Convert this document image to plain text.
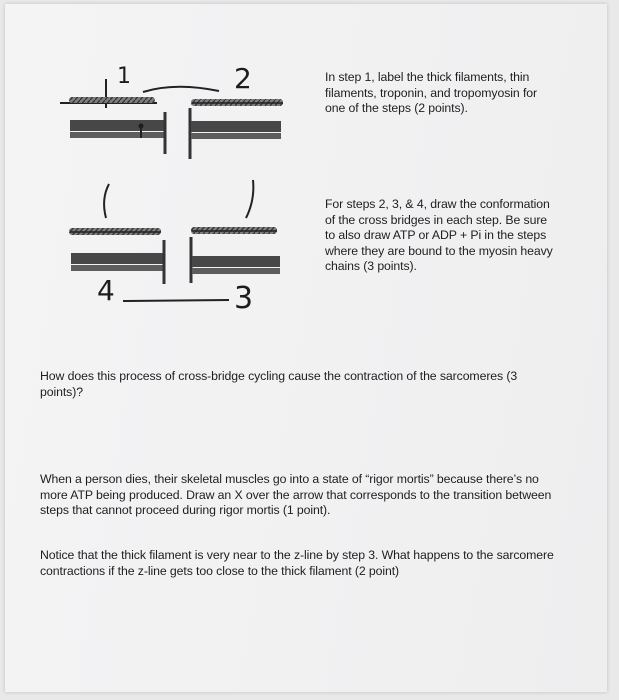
1	2
3
4

In step 1, label the thick filaments, thin filaments, troponin, and tropomyosin for one of the steps (2 points).

For steps 2, 3, & 4, draw the conformation of the cross bridges in each step. Be sure to also draw ATP or ADP + Pi in the steps where they are bound to the myosin heavy chains (3 points).

How does this process of cross-bridge cycling cause the contraction of the sarcomeres (3 points)?

When a person dies, their skeletal muscles go into a state of “rigor mortis” because there’s no more ATP being produced. Draw an X over the arrow that corresponds to the transition between steps that cannot proceed during rigor mortis (1 point).

Notice that the thick filament is very near to the z-line by step 3. What happens to the sarcomere contractions if the z-line gets too close to the thick filament (2 point)
